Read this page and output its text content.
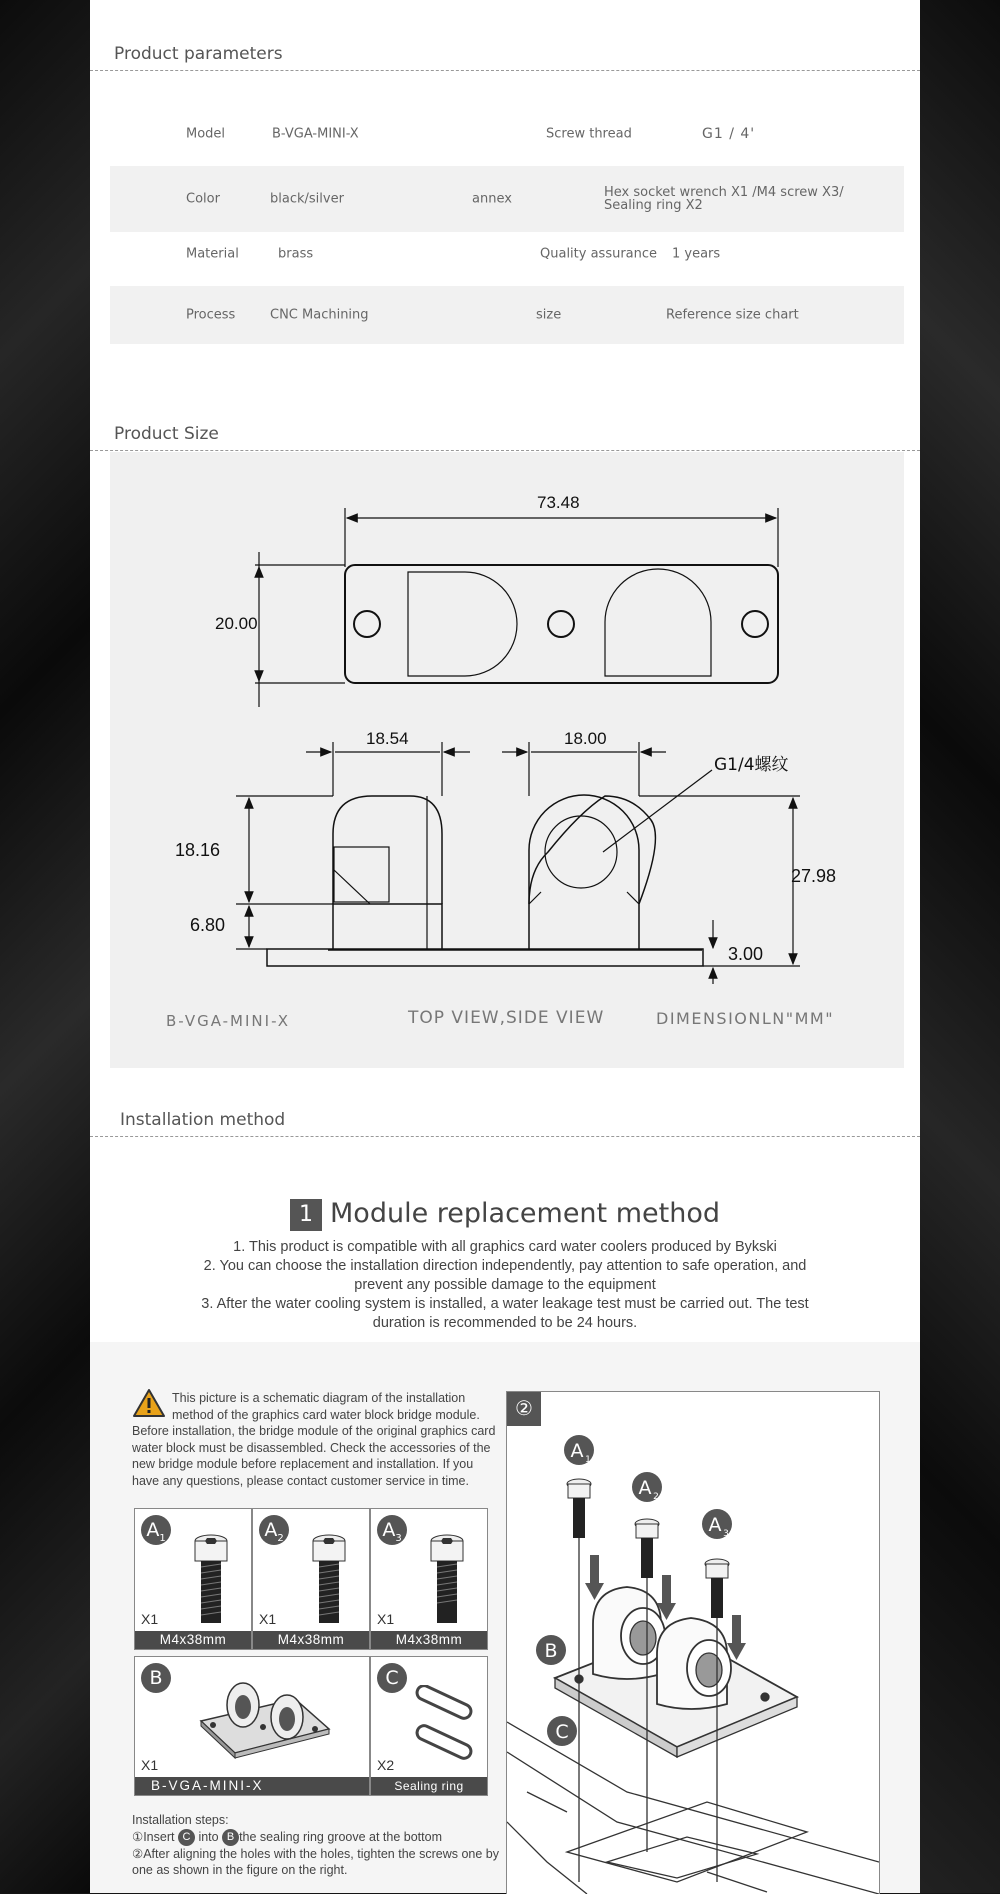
Product parameters
Model	B-VGA-MINI-X	Screw thread	G1 / 4'
Color	black/silver	annex	Hex socket wrench X1 /M4 screw X3/
Sealing ring X2
Material	brass	Quality assurance 1 years
Process	CNC Machining	size	Reference size chart
Product Size
73.48
20.00
18.54	18.00
G1/4螺纹
18.16
6.80
27.98
3.00
B-VGA-MINI-X	TOP VIEW,SIDE VIEW	DIMENSIONLN"MM"
Installation method
1 Module replacement method

1. This product is compatible with all graphics card water coolers produced by Bykski

2. You can choose the installation direction independently, pay attention to safe operation, and

prevent any possible damage to the equipment

3. After the water cooling system is installed, a water leakage test must be carried out. The test

duration is recommended to be 24 hours.

This picture is a schematic diagram of the installation method of the graphics card water block bridge module. Before installation, the bridge module of the original graphics card water block must be disassembled. Check the accessories of the new bridge module before replacement and installation. If you have any questions, please contact customer service in time.
$A_1$
X1
M4x38mm
$A_2$
X1
M4x38mm
$A_3$
X1
M4x38mm
B
X1
B-VGA-MINI-X
C
X2
Sealing ring

Installation steps:

①Insert C into B the sealing ring groove at the bottom

②After aligning the holes with the holes, tighten the screws one by one as shown in the figure on the right.

②
A 1
A 2
A 3
B
C
